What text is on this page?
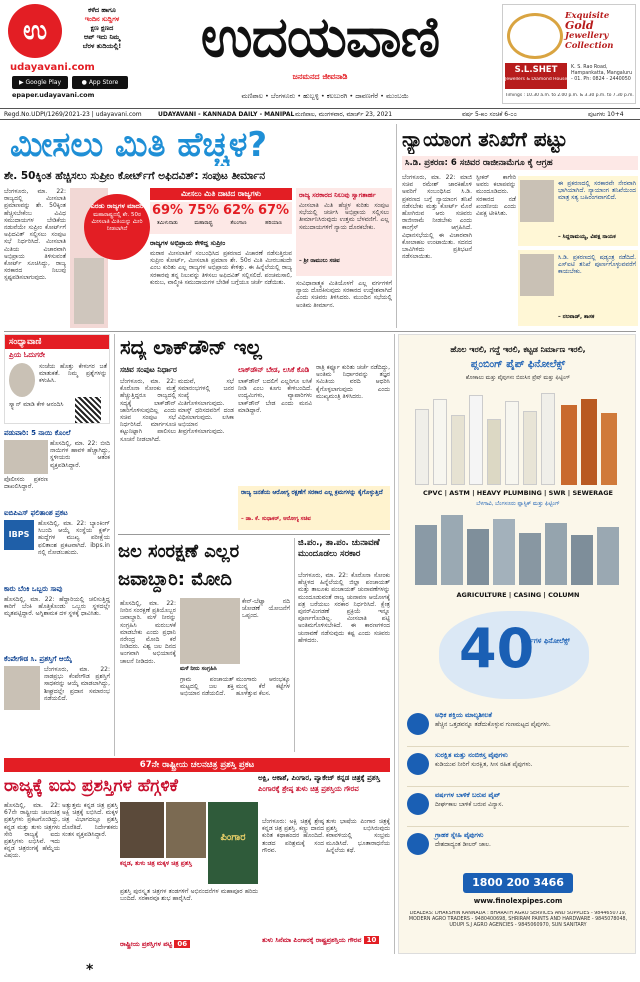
ಉ
ಕಳೆದ ಹಾಗೂ
ಇಂದಿನ ಸುದ್ದಿಗಳ
ಕ್ಷಣ ಕ್ಷಣದ
ಆಪ್ ಇದು ನಿಮ್ಮ
ಬೆರಳ ತುದಿಯಲ್ಲಿ!
udayavani.com
▶ Google Play	● App Store
epaper.udayavani.com
ಉದಯವಾಣಿ
ಜನಮನದ ಜೀವನಾಡಿ
ಮಣಿಪಾಲ • ಬೆಂಗಳೂರು • ಹುಬ್ಬಳ್ಳಿ • ಕಲಬುರಗಿ • ದಾವಣಗೆರೆ • ಮುಂಬಯಿ
Exquisite
Gold
Jewellery
Collection
S.L.SHET
Jewellers & Diamond House
K. S. Rao Road, Hampankatta, Mangaluru - 01. Ph: 0824 - 2440050
Timings : 10.30 a.m. to 2.00 p.m. & 3.30 p.m. to 7.30 p.m.
Regd.No.UDPI/1269/2021-23 | udayavani.com	UDAYAVANI - KANNADA DAILY - MANIPAL ಮಣಿಪಾಲ, ಮಂಗಳವಾರ, ಮಾರ್ಚ್ 23, 2021	ವರ್ಷ 5-೫೦ ಸಂಚಿಕೆ 6-೦೦	ಪುಟಗಳು 10+4
ಮೀಸಲು ಮಿತಿ ಹೆಚ್ಚಳ?
ಶೇ. 50ಕ್ಕಿಂತ ಹೆಚ್ಚಿಸಲು ಸುಪ್ರೀಂ ಕೋರ್ಟ್‌ಗೆ ಅಫಿದವಿತ್: ಸಂಪುಟ ತೀರ್ಮಾನ
ಬೆಂಗಳೂರು, ಮಾ. 22: ರಾಜ್ಯದಲ್ಲಿ ಮೀಸಲಾತಿ ಪ್ರಮಾಣವನ್ನು ಶೇ. 50ಕ್ಕಿಂತ ಹೆಚ್ಚಿಸಬೇಕೆಂಬ ವಿವಿಧ ಸಮುದಾಯಗಳ ಬೇಡಿಕೆಯ ನಡುವೆಯೇ ಸುಪ್ರೀಂ ಕೋರ್ಟ್‌ಗೆ ಅಫಿದವಿತ್ ಸಲ್ಲಿಸಲು ಸಂಪುಟ ಸಭೆ ನಿರ್ಧರಿಸಿದೆ. ಮೀಸಲಾತಿ ಮಿತಿಯ ವಿಚಾರವಾಗಿ ಅಭಿಪ್ರಾಯ ತಿಳಿಸುವಂತೆ ಕೋರ್ಟ್ ಸೂಚಿಸಿದ್ದು, ರಾಜ್ಯ ಸರಕಾರದ ನಿಲುವು ಸ್ಪಷ್ಟಪಡಿಸಲಾಗುವುದು.
ಎರಡು ರಾಜ್ಯಗಳ ಮಾದರಿ
ಮಹಾರಾಷ್ಟ್ರದಲ್ಲಿ ಶೇ. 50ರ ಮೀಸಲಾತಿ ಮಿತಿಯನ್ನು ಮೀರಿ ನೀಡಲಾಗಿದೆ
ಮೀಸಲು ಮಿತಿ ದಾಟಿದ ರಾಜ್ಯಗಳು
69%
ತಮಿಳುನಾಡು
75%
ಮಹಾರಾಷ್ಟ್ರ
62%
ತೆಲಂಗಾಣ
67%
ಹರಿಯಾಣ
ರಾಜ್ಯ ಸರಕಾರದ ನಿಲುವು ಸ್ವಾಗತಾರ್ಹ
ಮೀಸಲಾತಿ ಮಿತಿ ಹೆಚ್ಚಳ ಕುರಿತು ಸಂಪುಟ ಸಭೆಯಲ್ಲಿ ಚರ್ಚಿಸಿ ಅಭಿಪ್ರಾಯ ಸಲ್ಲಿಸಲು ತೀರ್ಮಾನಿಸಿರುವುದು ಉತ್ತಮ ಬೆಳವಣಿಗೆ. ಎಲ್ಲ ಸಮುದಾಯಗಳಿಗೆ ನ್ಯಾಯ ದೊರಕಬೇಕು.
– ಶ್ರೀ ರಾಮುಲು ಸಚಿವ
ರಾಜ್ಯಗಳ ಅಭಿಪ್ರಾಯ ಕೇಳಿದ್ದ ಸುಪ್ರೀಂ
ಮರಾಠ ಮೀಸಲಾತಿಗೆ ಸಂಬಂಧಿಸಿದ ಪ್ರಕರಣದ ವಿಚಾರಣೆ ನಡೆಸುತ್ತಿರುವ ಸುಪ್ರೀಂ ಕೋರ್ಟ್, ಮೀಸಲಾತಿ ಪ್ರಮಾಣ ಶೇ. 50ರ ಮಿತಿ ಮೀರಬಹುದೇ ಎಂಬ ಕುರಿತು ಎಲ್ಲ ರಾಜ್ಯಗಳ ಅಭಿಪ್ರಾಯ ಕೇಳಿತ್ತು. ಈ ಹಿನ್ನೆಲೆಯಲ್ಲಿ ರಾಜ್ಯ ಸರಕಾರವು ತನ್ನ ನಿಲುವನ್ನು ತಿಳಿಸಲು ಅಫಿದವಿತ್ ಸಲ್ಲಿಸಲಿದೆ. ಪಂಚಮಸಾಲಿ, ಕುರುಬ, ವಾಲ್ಮೀಕಿ ಸಮುದಾಯಗಳ ಬೇಡಿಕೆ ಬಗ್ಗೆಯೂ ಚರ್ಚೆ ನಡೆಯಿತು.	ಸಂವಿಧಾನಾತ್ಮಕ ಮಿತಿಯೊಳಗೆ ಎಲ್ಲ ವರ್ಗಗಳಿಗೆ ನ್ಯಾಯ ದೊರಕಿಸುವುದು ಸರಕಾರದ ಉದ್ದೇಶವಾಗಿದೆ ಎಂದು ಸಚಿವರು ತಿಳಿಸಿದರು. ಮುಂದಿನ ಸಭೆಯಲ್ಲಿ ಅಂತಿಮ ತೀರ್ಮಾನ.
ನ್ಯಾಯಾಂಗ ತನಿಖೆಗೆ ಪಟ್ಟು
ಸಿ.ಡಿ. ಪ್ರಕರಣ: 6 ಸಚಿವರ ರಾಜೀನಾಮೆಗೂ ಕೈ ಆಗ್ರಹ
ಬೆಂಗಳೂರು, ಮಾ. 22: ಮಾಜಿ ಸಚಿವ ರಮೇಶ್ ಜಾರಕಿಹೊಳಿ ಅವರಿಗೆ ಸಂಬಂಧಿಸಿದ ಸಿ.ಡಿ. ಪ್ರಕರಣದ ಬಗ್ಗೆ ನ್ಯಾಯಾಂಗ ತನಿಖೆ ನಡೆಸಬೇಕು ಮತ್ತು ಕೋರ್ಟ್ ಮೊರೆ ಹೋಗಿರುವ ಆರು ಸಚಿವರು ರಾಜೀನಾಮೆ ನೀಡಬೇಕು ಎಂದು ಕಾಂಗ್ರೆಸ್ ಆಗ್ರಹಿಸಿದೆ. ವಿಧಾನಸಭೆಯಲ್ಲಿ ಈ ವಿಚಾರವಾಗಿ ಕೋಲಾಹಲ ಉಂಟಾಯಿತು. ಸದನದ ಬಾವಿಗಿಳಿದು ಪ್ರತಿಭಟನೆ ನಡೆಸಲಾಯಿತು.
ಸ್ಪೀಕರ್ ಕಾಗೇರಿ ಅವರು ಕಲಾಪವನ್ನು ಮುಂದೂಡಿದರು. ಸರಕಾರದ ನಡೆ ಖಂಡನೀಯ ಎಂದು ವಿಪಕ್ಷ ಟೀಕಿಸಿತು.
ಈ ಪ್ರಕರಣದಲ್ಲಿ ಸರಕಾರವೇ ನೇರವಾಗಿ ಭಾಗಿಯಾಗಿದೆ. ನ್ಯಾಯಾಂಗ ತನಿಖೆಯಿಂದ ಮಾತ್ರ ಸತ್ಯ ಬಹಿರಂಗವಾಗಲಿದೆ.
– ಸಿದ್ದರಾಮಯ್ಯ, ವಿಪಕ್ಷ ನಾಯಕ
ಸಿ.ಡಿ. ಪ್ರಕರಣದಲ್ಲಿ ಷಡ್ಯಂತ್ರ ನಡೆದಿದೆ. ಎಸ್‌ಐಟಿ ತನಿಖೆ ಪೂರ್ಣಗೊಳ್ಳುವವರೆಗೆ ಕಾಯಬೇಕು.
– ನಲಪಾಡ್, ಶಾಸಕ
ಸಂಧ್ಯಾವಾಣಿ
ಪ್ರಿಯ ಓದುಗರೇ
ಸಂಜೆಯ ಹೊತ್ತು ಕೇಳುಗರ ಜತೆ ಮಾತುಕತೆ. ನಿಮ್ಮ ಪ್ರಶ್ನೆಗಳನ್ನು ಕಳುಹಿಸಿ.
ಸ್ಕ್ಯಾನ್ ಮಾಡಿ ಕೇಳಿ ಆನಂದಿಸಿ
ಪಡುವಾರಿ: 5 ನಾಯಿ ಕೊಂಲೆ
ಹೊಸದಿಲ್ಲಿ, ಮಾ. 22: ಬೀದಿ ನಾಯಿಗಳ ಹಾವಳಿ ಹೆಚ್ಚಾಗಿದ್ದು, ಸ್ಥಳೀಯರು ಆತಂಕ ವ್ಯಕ್ತಪಡಿಸಿದ್ದಾರೆ.
ಪೊಲೀಸರು ಪ್ರಕರಣ ದಾಖಲಿಸಿದ್ದಾರೆ.
ಐಬಿಪಿಎಸ್ ಫಲಿತಾಂಶ ಪ್ರಕಟ
IBPS
ಹೊಸದಿಲ್ಲಿ, ಮಾ. 22: ಬ್ಯಾಂಕಿಂಗ್ ಸಿಬಂದಿ ಆಯ್ಕೆ ಸಂಸ್ಥೆಯ ಕ್ಲರ್ಕ್ ಹುದ್ದೆಗಳ ಮುಖ್ಯ ಪರೀಕ್ಷೆಯ ಫಲಿತಾಂಶ ಪ್ರಕಟವಾಗಿದೆ. ibps.in ನಲ್ಲಿ ನೋಡಬಹುದು.
ಕಾರು ಬೆಂಕಿ ಒಬ್ಬರು ಸಾವು
ಹೊಸದಿಲ್ಲಿ, ಮಾ. 22: ಹೆದ್ದಾರಿಯಲ್ಲಿ ಚಲಿಸುತ್ತಿದ್ದ ಕಾರಿಗೆ ಬೆಂಕಿ ಹೊತ್ತಿಕೊಂಡು ಒಬ್ಬರು ಸ್ಥಳದಲ್ಲೇ ಮೃತಪಟ್ಟಿದ್ದಾರೆ. ಅಗ್ನಿಶಾಮಕ ದಳ ಸ್ಥಳಕ್ಕೆ ಧಾವಿಸಿತು.
ಕೆಂಪೇಗೌಡ ಸಿ. ಪ್ರಶಸ್ತಿಗೆ ಆಯ್ಕೆ
ಬೆಂಗಳೂರು, ಮಾ. 22: ನಾಡಪ್ರಭು ಕೆಂಪೇಗೌಡ ಪ್ರಶಸ್ತಿಗೆ ಸಾಧಕರನ್ನು ಆಯ್ಕೆ ಮಾಡಲಾಗಿದ್ದು, ಶೀಘ್ರದಲ್ಲೇ ಪ್ರದಾನ ಸಮಾರಂಭ ನಡೆಯಲಿದೆ.
ಸದ್ಯ ಲಾಕ್‌ಡೌನ್ ಇಲ್ಲ
ಸಚಿವ ಸಂಪುಟ ನಿರ್ಧಾರ
ಬೆಂಗಳೂರು, ಮಾ. 22: ಕೊರೊನಾ ಸೋಂಕು ಮತ್ತೆ ಹೆಚ್ಚುತ್ತಿದ್ದರೂ ರಾಜ್ಯದಲ್ಲಿ ಸದ್ಯಕ್ಕೆ ಲಾಕ್‌ಡೌನ್ ಜಾರಿಗೊಳಿಸುವುದಿಲ್ಲ ಎಂದು ಸಚಿವ ಸಂಪುಟ ಸಭೆ ನಿರ್ಧರಿಸಿದೆ. ಮಾರ್ಗಸೂಚಿ ಕಟ್ಟುನಿಟ್ಟಾಗಿ ಪಾಲಿಸಲು ಸೂಚನೆ ನೀಡಲಾಗಿದೆ.
ಮದುವೆ, ಸಭೆ ಸಮಾರಂಭಗಳಲ್ಲಿ ಜನರ ಸಂಖ್ಯೆ ಮಿತಿಗೊಳಿಸಲಾಗುವುದು. ಮಾಸ್ಕ್ ಧರಿಸದವರಿಗೆ ದಂಡ ವಿಧಿಸಲಾಗುವುದು. ಲಸಿಕಾ ಅಭಿಯಾನ ತೀವ್ರಗೊಳಿಸಲಾಗುವುದು.
ಲಾಕ್‌ಡೌನ್ ಬೇಡ, ಲಸಿಕೆ ಕೊಡಿ
ಲಾಕ್‌ಡೌನ್ ಬದಲಿಗೆ ಎಲ್ಲರಿಗೂ ಲಸಿಕೆ ನೀಡಿ ಎಂಬ ಕೂಗು ಕೇಳಿಬಂದಿದೆ. ಉದ್ಯಮಿಗಳು, ವ್ಯಾಪಾರಿಗಳು ಲಾಕ್‌ಡೌನ್ ಬೇಡ ಎಂದು ಮನವಿ ಮಾಡಿದ್ದಾರೆ.
ರಾತ್ರಿ ಕರ್ಫ್ಯೂ ಕುರಿತು ಚರ್ಚೆ ನಡೆದಿದ್ದು, ಅಂತಿಮ ನಿರ್ಧಾರವನ್ನು ತಜ್ಞರ ಸಮಿತಿಯ ವರದಿ ಆಧರಿಸಿ ಕೈಗೊಳ್ಳಲಾಗುವುದು ಎಂದು ಮುಖ್ಯಮಂತ್ರಿ ತಿಳಿಸಿದರು.
ರಾಜ್ಯ ಜನತೆಯ ಆರೋಗ್ಯ ರಕ್ಷಣೆಗೆ ಸರಕಾರ ಎಲ್ಲ ಕ್ರಮಗಳನ್ನು ಕೈಗೊಳ್ಳುತ್ತಿದೆ
– ಡಾ. ಕೆ. ಸುಧಾಕರ್, ಆರೋಗ್ಯ ಸಚಿವ
ಜಲ ಸಂರಕ್ಷಣೆ ಎಲ್ಲರ ಜವಾಬ್ದಾರಿ: ಮೋದಿ
ಹೊಸದಿಲ್ಲಿ, ಮಾ. 22: ನೀರಿನ ಸಂರಕ್ಷಣೆ ಪ್ರತಿಯೊಬ್ಬರ ಜವಾಬ್ದಾರಿ. ಮಳೆ ನೀರನ್ನು ಸಂಗ್ರಹಿಸಿ ಮರುಬಳಕೆ ಮಾಡಬೇಕು ಎಂದು ಪ್ರಧಾನಿ ನರೇಂದ್ರ ಮೋದಿ ಕರೆ ನೀಡಿದರು. ವಿಶ್ವ ಜಲ ದಿನದ ಅಂಗವಾಗಿ ಅಭಿಯಾನಕ್ಕೆ ಚಾಲನೆ ನೀಡಿದರು.
ಕೇನ್‌-ಬೆಟ್ವಾ ನದಿ ಜೋಡಣೆ ಯೋಜನೆಗೆ ಒಪ್ಪಂದ.
ಮಳೆ ನೀರು ಸಂಗ್ರಹಿಸಿ
ಗ್ರಾಮ ಪಂಚಾಯತ್ ಮಟ್ಟದಲ್ಲಿ ಜಲ ಶಕ್ತಿ ಅಭಿಯಾನ ನಡೆಯಲಿದೆ.
ಮುಂಗಾರು ಆರಂಭಕ್ಕೂ ಮುನ್ನ ಕೆರೆ ಕಟ್ಟೆಗಳ ಹೂಳೆತ್ತುವ ಕೆಲಸ.
ಜಿ.ಪಂ., ತಾ.ಪಂ. ಚುನಾವಣೆ ಮುಂದೂಡಲು ಸರಕಾರ
ಬೆಂಗಳೂರು, ಮಾ. 22: ಕೊರೊನಾ ಸೋಂಕು ಹೆಚ್ಚಳದ ಹಿನ್ನೆಲೆಯಲ್ಲಿ ಜಿಲ್ಲಾ ಪಂಚಾಯತ್ ಮತ್ತು ತಾಲೂಕು ಪಂಚಾಯತ್ ಚುನಾವಣೆಗಳನ್ನು ಮುಂದೂಡುವಂತೆ ರಾಜ್ಯ ಚುನಾವಣ ಆಯೋಗಕ್ಕೆ ಪತ್ರ ಬರೆಯಲು ಸರಕಾರ ನಿರ್ಧರಿಸಿದೆ. ಕ್ಷೇತ್ರ ಪುನರ್‌ವಿಂಗಡಣೆ ಪ್ರಕ್ರಿಯೆ ಇನ್ನೂ ಪೂರ್ಣಗೊಂಡಿಲ್ಲ. ಮೀಸಲಾತಿ ಪಟ್ಟಿ ಅಂತಿಮಗೊಳಿಸಬೇಕಿದೆ. ಈ ಕಾರಣಗಳಿಂದ ಚುನಾವಣೆ ನಡೆಸುವುದು ಕಷ್ಟ ಎಂದು ಸಚಿವರು ಹೇಳಿದರು.
67ನೇ ರಾಷ್ಟ್ರೀಯ ಚಲನಚಿತ್ರ ಪ್ರಶಸ್ತಿ ಪ್ರಕಟ
ರಾಜ್ಯಕ್ಕೆ ಐದು ಪ್ರಶಸ್ತಿಗಳ ಹೆಗ್ಗಳಿಕೆ	ಅಕ್ಷಿ, ಆಕಾಶೆ, ಪಿಂಗಾರ, ಪ್ಯಾಕೇಜ್ ಕನ್ನಡ ಚಿತ್ರಕ್ಕೆ ಪ್ರಶಸ್ತಿ
ಪಿಂಗಾರಕ್ಕೆ ಶ್ರೇಷ್ಠ ತುಳು ಚಿತ್ರ ಪ್ರಶಸ್ತಿಯ ಗೌರವ
ಹೊಸದಿಲ್ಲಿ, ಮಾ. 22: 67ನೇ ರಾಷ್ಟ್ರೀಯ ಚಲನಚಿತ್ರ ಪ್ರಶಸ್ತಿಗಳು ಪ್ರಕಟಗೊಂಡಿದ್ದು, ಕನ್ನಡ ಮತ್ತು ತುಳು ಚಿತ್ರಗಳು ಸೇರಿ ರಾಜ್ಯಕ್ಕೆ ಐದು ಪ್ರಶಸ್ತಿಗಳು ಲಭಿಸಿವೆ. ಇದು ಕನ್ನಡ ಚಿತ್ರರಂಗಕ್ಕೆ ಹೆಮ್ಮೆಯ ವಿಷಯ.
ಅತ್ಯುತ್ತಮ ಕನ್ನಡ ಚಿತ್ರ ಪ್ರಶಸ್ತಿ ಅಕ್ಷಿ ಚಿತ್ರಕ್ಕೆ ಲಭಿಸಿದೆ. ಮಕ್ಕಳ ಚಿತ್ರ ವಿಭಾಗದಲ್ಲೂ ಪ್ರಶಸ್ತಿ ದೊರೆತಿದೆ. ನಿರ್ದೇಶಕರು ಸಂತಸ ವ್ಯಕ್ತಪಡಿಸಿದ್ದಾರೆ.
ಕನ್ನಡ, ತುಳು ಚಿತ್ರ ಮಕ್ಕಳ ಚಿತ್ರ ಪ್ರಶಸ್ತಿ
ಪಿಂಗಾರ
ಪ್ರಶಸ್ತಿ ಪುರಸ್ಕೃತ ಚಿತ್ರಗಳ ತಂಡಗಳಿಗೆ ಅಭಿನಂದನೆಗಳ ಮಹಾಪೂರ ಹರಿದು ಬಂದಿದೆ. ಸರಕಾರವೂ ಶುಭ ಹಾರೈಸಿದೆ.
ರಾಷ್ಟ್ರೀಯ ಪ್ರಶಸ್ತಿಗಳ ಪಟ್ಟಿ 06
ಬೆಂಗಳೂರು: ಅಕ್ಷಿ ಚಿತ್ರಕ್ಕೆ ಶ್ರೇಷ್ಠ ಕನ್ನಡ ಚಿತ್ರ ಪ್ರಶಸ್ತಿ. ಕಣ್ಣು ದಾನದ ಕುರಿತ ಕಥಾಹಂದರ ಹೊಂದಿದೆ. ತಂಡದ ಪರಿಶ್ರಮಕ್ಕೆ ಸಂದ ಗೌರವ.
ತುಳು ಭಾಷೆಯ ಪಿಂಗಾರ ಚಿತ್ರಕ್ಕೆ ಪ್ರಶಸ್ತಿ ಲಭಿಸಿರುವುದು ಕರಾವಳಿಯಲ್ಲಿ ಸಂಭ್ರಮ ಮೂಡಿಸಿದೆ. ಭೂತಾರಾಧನೆಯ ಹಿನ್ನೆಲೆಯ ಕಥೆ.
ತುಳು ಸಿನೆಮಾ ಪಿಂಗಾರಕ್ಕೆ ರಾಷ್ಟ್ರಪ್ರಶಸ್ತಿಯ ಗೌರವ 10
ಹೊಲ ಇರಲಿ, ಗದ್ದೆ ಇರಲಿ, ಕಟ್ಟಡ ನಿರ್ಮಾಣ ಇರಲಿ,
ಪ್ಲಂಬಿಂಗ್ ಪೈಪ್ ಫಿನೋಲೆಕ್ಸ್
ಶೋಕಾಲು ಮತ್ತು ಪೈಪುಗಳು ಬಿರುಸಿನ ಪ್ರೆಷ್ ಮತ್ತು ಫಿಟ್ಟಿಂಗ್
CPVC | ASTM | HEAVY PLUMBING | SWR | SEWERAGE
ಬೆಳಗಾವಿ, ಬೆಂಗಳೂರು ಪ್ಲಾಸ್ಟಿಕ್ ಮತ್ತು ಫಿಟ್ಟಿಂಗ್
AGRICULTURE | CASING | COLUMN
40
ವರ್ಷಗಳ ಫಿನೋಲೆಕ್ಸ್
ಅಧಿಕ ಶಕ್ತಿಯ ಮಾಲ್ಯಶೀಲತೆ
ಹೆಚ್ಚಿನ ಒತ್ತಡವನ್ನೂ ತಡೆದುಕೊಳ್ಳುವ ಗುಣಮಟ್ಟದ ಪೈಪುಗಳು.
ಸುರಕ್ಷಿತ ಮತ್ತು ನಂಬಿಕಸ್ತ ಪೈಪುಗಳು
ಕುಡಿಯುವ ನೀರಿಗೆ ಸುರಕ್ಷಿತ, ಸೀಸ ರಹಿತ ಪೈಪುಗಳು.
ವರ್ಷಗಳ ಬಾಳಿಕೆ ಬರುವ ಪೈಪ್
ದೀರ್ಘಕಾಲ ಬಾಳಿಕೆ ಬರುವ ವಿನ್ಯಾಸ.
ಗ್ರಾಹಕ ಸ್ನೇಹಿ ಪೈಪುಗಳು
ದೇಶದಾದ್ಯಂತ ಡೀಲರ್ ಜಾಲ.
1800 200 3466
www.finolexpipes.com
DEALERS: DHAKSHIN KANNADA : BHARATH AGRO SERVICES AND SUPPLIES - 9844650719, MODERN AGRO TRADERS - 9480400698, SHRIRAM PAINTS AND HARDWARE - 9845078048, UDUPI S.J AGRO AGENCIES - 9845060970, SUN SANITARY
*
